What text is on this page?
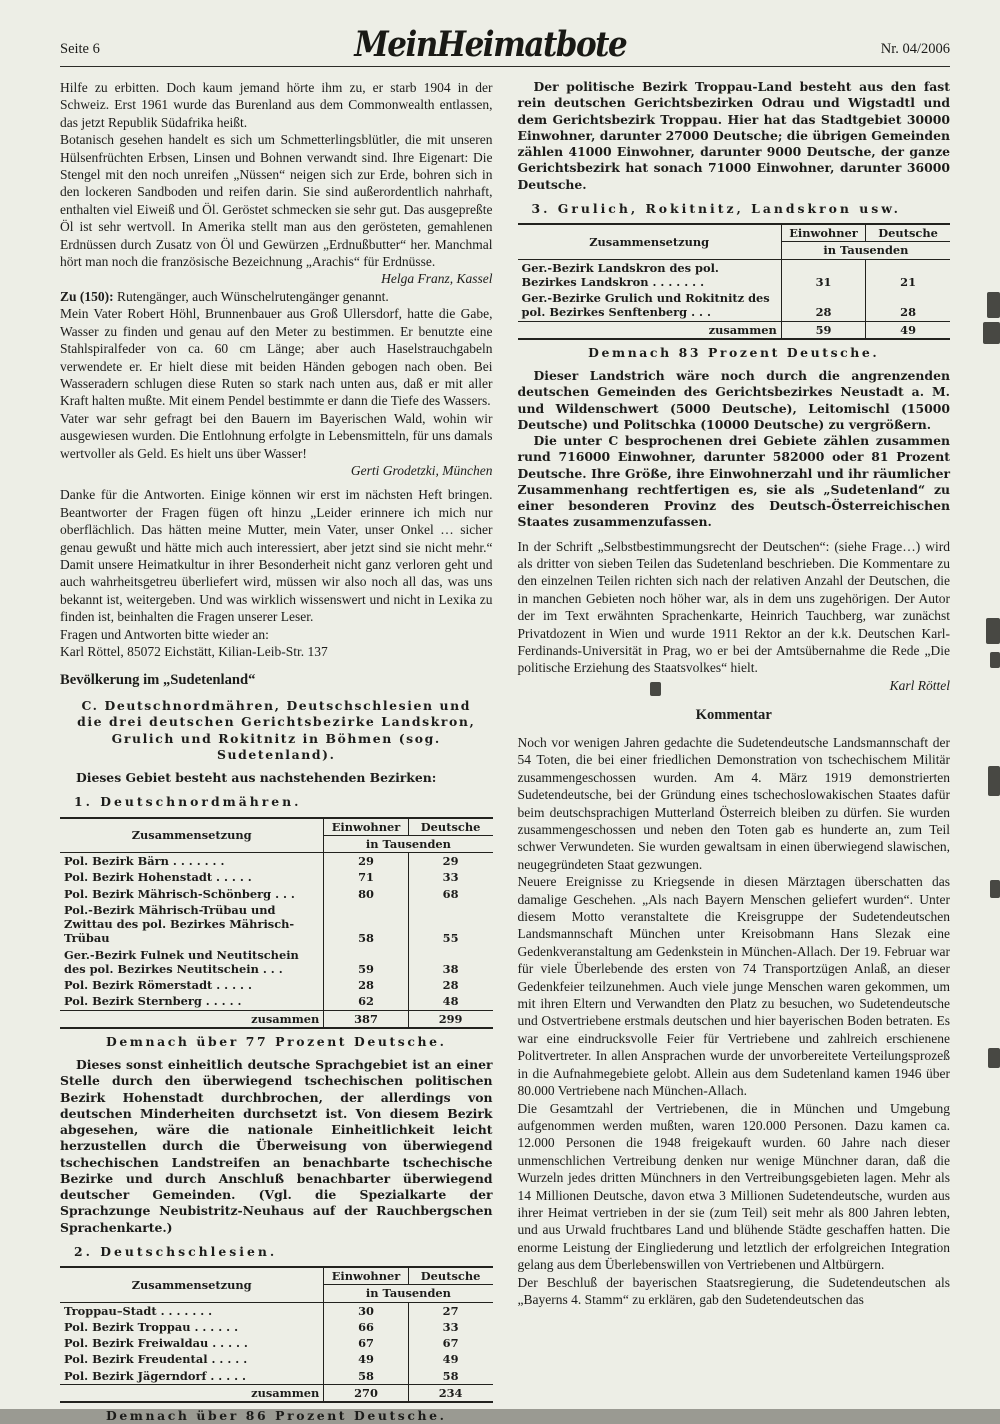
Seite 6	MeinHeimatbote	Nr. 04/2006

Hilfe zu erbitten. Doch kaum jemand hörte ihm zu, er starb 1904 in der Schweiz. Erst 1961 wurde das Burenland aus dem Commonwealth entlassen, das jetzt Republik Südafrika heißt.

Botanisch gesehen handelt es sich um Schmetterlingsblütler, die mit unseren Hülsenfrüchten Erbsen, Linsen und Bohnen verwandt sind. Ihre Eigenart: Die Stengel mit den noch unreifen „Nüssen“ neigen sich zur Erde, bohren sich in den lockeren Sandboden und reifen darin. Sie sind außerordentlich nahrhaft, enthalten viel Eiweiß und Öl. Geröstet schmecken sie sehr gut. Das ausgepreßte Öl ist sehr wertvoll. In Amerika stellt man aus den gerösteten, gemahlenen Erdnüssen durch Zusatz von Öl und Gewürzen „Erdnußbutter“ her. Manchmal hört man noch die französische Bezeichnung „Arachis“ für Erdnüsse.

Helga Franz, Kassel

Zu (150): Rutengänger, auch Wünschelrutengänger genannt.

Mein Vater Robert Höhl, Brunnenbauer aus Groß Ullersdorf, hatte die Gabe, Wasser zu finden und genau auf den Meter zu bestimmen. Er benutzte eine Stahlspiralfeder von ca. 60 cm Länge; aber auch Haselstrauchgabeln verwendete er. Er hielt diese mit beiden Händen gebogen nach oben. Bei Wasseradern schlugen diese Ruten so stark nach unten aus, daß er mit aller Kraft halten mußte. Mit einem Pendel bestimmte er dann die Tiefe des Wassers.

Vater war sehr gefragt bei den Bauern im Bayerischen Wald, wohin wir ausgewiesen wurden. Die Entlohnung erfolgte in Lebensmitteln, für uns damals wertvoller als Geld. Es hielt uns über Wasser!

Gerti Grodetzki, München

Danke für die Antworten. Einige können wir erst im nächsten Heft bringen. Beantworter der Fragen fügen oft hinzu „Leider erinnere ich mich nur oberflächlich. Das hätten meine Mutter, mein Vater, unser Onkel … sicher genau gewußt und hätte mich auch interessiert, aber jetzt sind sie nicht mehr.“ Damit unsere Heimatkultur in ihrer Besonderheit nicht ganz verloren geht und auch wahrheitsgetreu überliefert wird, müssen wir also noch all das, was uns bekannt ist, weitergeben. Und was wirklich wissenswert und nicht in Lexika zu finden ist, beinhalten die Fragen unserer Leser.

Fragen und Antworten bitte wieder an:

Karl Röttel, 85072 Eichstätt, Kilian-Leib-Str. 137

Bevölkerung im „Sudetenland“

C. Deutschnordmähren, Deutschschlesien und die drei deutschen Gerichtsbezirke Landskron, Grulich und Rokitnitz in Böhmen (sog. Sudetenland).

Dieses Gebiet besteht aus nachstehenden Bezirken:

1. Deutschnordmähren.

Zusammensetzung	Einwohner	Deutsche
	in Tausenden	
Pol. Bezirk Bärn . . . . . . .	29	29
Pol. Bezirk Hohenstadt . . . . .	71	33
Pol. Bezirk Mährisch-Schönberg . . .	80	68
Pol.-Bezirk Mährisch-Trübau und Zwittau des pol. Bezirkes Mährisch-Trübau	58	55
Ger.-Bezirk Fulnek und Neutitschein des pol. Bezirkes Neutitschein . . .	59	38
Pol. Bezirk Römerstadt . . . . .	28	28
Pol. Bezirk Sternberg . . . . .	62	48
zusammen	387	299

Demnach über 77 Prozent Deutsche.

Dieses sonst einheitlich deutsche Sprachgebiet ist an einer Stelle durch den überwiegend tschechischen politischen Bezirk Hohenstadt durchbrochen, der allerdings von deutschen Minderheiten durchsetzt ist. Von diesem Bezirk abgesehen, wäre die nationale Einheitlichkeit leicht herzustellen durch die Überweisung von überwiegend tschechischen Landstreifen an benachbarte tschechische Bezirke und durch Anschluß benachbarter überwiegend deutscher Gemeinden. (Vgl. die Spezialkarte der Sprachzunge Neubistritz-Neuhaus auf der Rauchbergschen Sprachenkarte.)

2. Deutschschlesien.

Zusammensetzung	Einwohner	Deutsche
	in Tausenden	
Troppau–Stadt . . . . . . .	30	27
Pol. Bezirk Troppau . . . . . .	66	33
Pol. Bezirk Freiwaldau . . . . .	67	67
Pol. Bezirk Freudental . . . . .	49	49
Pol. Bezirk Jägerndorf . . . . .	58	58
zusammen	270	234

Demnach über 86 Prozent Deutsche.

Der politische Bezirk Troppau-Land besteht aus den fast rein deutschen Gerichtsbezirken Odrau und Wigstadtl und dem Gerichtsbezirk Troppau. Hier hat das Stadtgebiet 30000 Einwohner, darunter 27000 Deutsche; die übrigen Gemeinden zählen 41000 Einwohner, darunter 9000 Deutsche, der ganze Gerichtsbezirk hat sonach 71000 Einwohner, darunter 36000 Deutsche.

3. Grulich, Rokitnitz, Landskron usw.

Zusammensetzung	Einwohner	Deutsche
	in Tausenden	
Ger.-Bezirk Landskron des pol. Bezirkes Landskron . . . . . . .	31	21
Ger.-Bezirke Grulich und Rokitnitz des pol. Bezirkes Senftenberg . . .	28	28
zusammen	59	49

Demnach 83 Prozent Deutsche.

Dieser Landstrich wäre noch durch die angrenzenden deutschen Gemeinden des Gerichtsbezirkes Neustadt a. M. und Wildenschwert (5000 Deutsche), Leitomischl (15000 Deutsche) und Politschka (10000 Deutsche) zu vergrößern.

Die unter C besprochenen drei Gebiete zählen zusammen rund 716000 Einwohner, darunter 582000 oder 81 Prozent Deutsche. Ihre Größe, ihre Einwohnerzahl und ihr räumlicher Zusammenhang rechtfertigen es, sie als „Sudetenland“ zu einer besonderen Provinz des Deutsch-Österreichischen Staates zusammenzufassen.

In der Schrift „Selbstbestimmungsrecht der Deutschen“: (siehe Frage…) wird als dritter von sieben Teilen das Sudetenland beschrieben. Die Kommentare zu den einzelnen Teilen richten sich nach der relativen Anzahl der Deutschen, die in manchen Gebieten noch höher war, als in dem uns zugehörigen. Der Autor der im Text erwähnten Sprachenkarte, Heinrich Tauchberg, war zunächst Privatdozent in Wien und wurde 1911 Rektor an der k.k. Deutschen Karl-Ferdinands-Universität in Prag, wo er bei der Amtsübernahme die Rede „Die politische Erziehung des Staatsvolkes“ hielt.

Karl Röttel

Kommentar

Noch vor wenigen Jahren gedachte die Sudetendeutsche Landsmannschaft der 54 Toten, die bei einer friedlichen Demonstration von tschechischem Militär zusammengeschossen wurden. Am 4. März 1919 demonstrierten Sudetendeutsche, bei der Gründung eines tschechoslowakischen Staates dafür beim deutschsprachigen Mutterland Österreich bleiben zu dürfen. Sie wurden zusammengeschossen und neben den Toten gab es hunderte an, zum Teil schwer Verwundeten. Sie wurden gewaltsam in einen überwiegend slawischen, neugegründeten Staat gezwungen.

Neuere Ereignisse zu Kriegsende in diesen Märztagen überschatten das damalige Geschehen. „Als nach Bayern Menschen geliefert wurden“. Unter diesem Motto veranstaltete die Kreisgruppe der Sudetendeutschen Landsmannschaft München unter Kreisobmann Hans Slezak eine Gedenkveranstaltung am Gedenkstein in München-Allach. Der 19. Februar war für viele Überlebende des ersten von 74 Transportzügen Anlaß, an dieser Gedenkfeier teilzunehmen. Auch viele junge Menschen waren gekommen, um mit ihren Eltern und Verwandten den Platz zu besuchen, wo Sudetendeutsche und Ostvertriebene erstmals deutschen und hier bayerischen Boden betraten. Es war eine eindrucksvolle Feier für Vertriebene und zahlreich erschienene Politvertreter. In allen Ansprachen wurde der unvorbereitete Verteilungsprozeß in die Aufnahmegebiete gelobt. Allein aus dem Sudetenland kamen 1946 über 80.000 Vertriebene nach München-Allach.

Die Gesamtzahl der Vertriebenen, die in München und Umgebung aufgenommen werden mußten, waren 120.000 Personen. Dazu kamen ca. 12.000 Personen die 1948 freigekauft wurden. 60 Jahre nach dieser unmenschlichen Vertreibung denken nur wenige Münchner daran, daß die Wurzeln jedes dritten Münchners in den Vertreibungsgebieten lagen. Mehr als 14 Millionen Deutsche, davon etwa 3 Millionen Sudetendeutsche, wurden aus ihrer Heimat vertrieben in der sie (zum Teil) seit mehr als 800 Jahren lebten, und aus Urwald fruchtbares Land und blühende Städte geschaffen hatten. Die enorme Leistung der Eingliederung und letztlich der erfolgreichen Integration gelang aus dem Überlebenswillen von Vertriebenen und Altbürgern.

Der Beschluß der bayerischen Staatsregierung, die Sudetendeutschen als „Bayerns 4. Stamm“ zu erklären, gab den Sudetendeutschen das
